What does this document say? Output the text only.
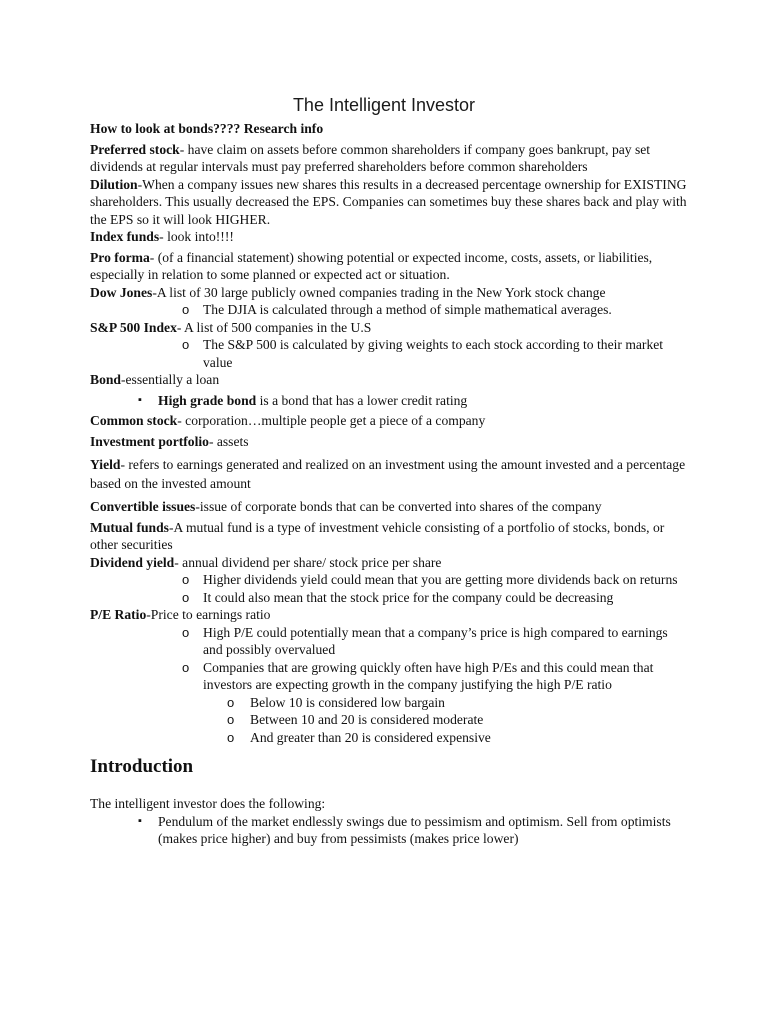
The Intelligent Investor

How to look at bonds???? Research info

Preferred stock- have claim on assets before common shareholders if company goes bankrupt, pay set dividends at regular intervals must pay preferred shareholders before common shareholders

Dilution-When a company issues new shares this results in a decreased percentage ownership for EXISTING shareholders. This usually decreased the EPS. Companies can sometimes buy these shares back and play with the EPS so it will look HIGHER.

Index funds- look into!!!!

Pro forma- (of a financial statement) showing potential or expected income, costs, assets, or liabilities, especially in relation to some planned or expected act or situation.

Dow Jones-A list of 30 large publicly owned companies trading in the New York stock change

o The DJIA is calculated through a method of simple mathematical averages.

S&P 500 Index- A list of 500 companies in the U.S

o The S&P 500 is calculated by giving weights to each stock according to their market value

Bond-essentially a loan

▪ High grade bond is a bond that has a lower credit rating

Common stock- corporation…multiple people get a piece of a company

Investment portfolio- assets

Yield- refers to earnings generated and realized on an investment using the amount invested and a percentage based on the invested amount

Convertible issues-issue of corporate bonds that can be converted into shares of the company

Mutual funds-A mutual fund is a type of investment vehicle consisting of a portfolio of stocks, bonds, or other securities

Dividend yield- annual dividend per share/ stock price per share

o Higher dividends yield could mean that you are getting more dividends back on returns
o It could also mean that the stock price for the company could be decreasing

P/E Ratio-Price to earnings ratio

o High P/E could potentially mean that a company’s price is high compared to earnings and possibly overvalued
o Companies that are growing quickly often have high P/Es and this could mean that investors are expecting growth in the company justifying the high P/E ratio
o Below 10 is considered low bargain
o Between 10 and 20 is considered moderate
o And greater than 20 is considered expensive
Introduction

The intelligent investor does the following:

▪ Pendulum of the market endlessly swings due to pessimism and optimism. Sell from optimists (makes price higher) and buy from pessimists (makes price lower)
